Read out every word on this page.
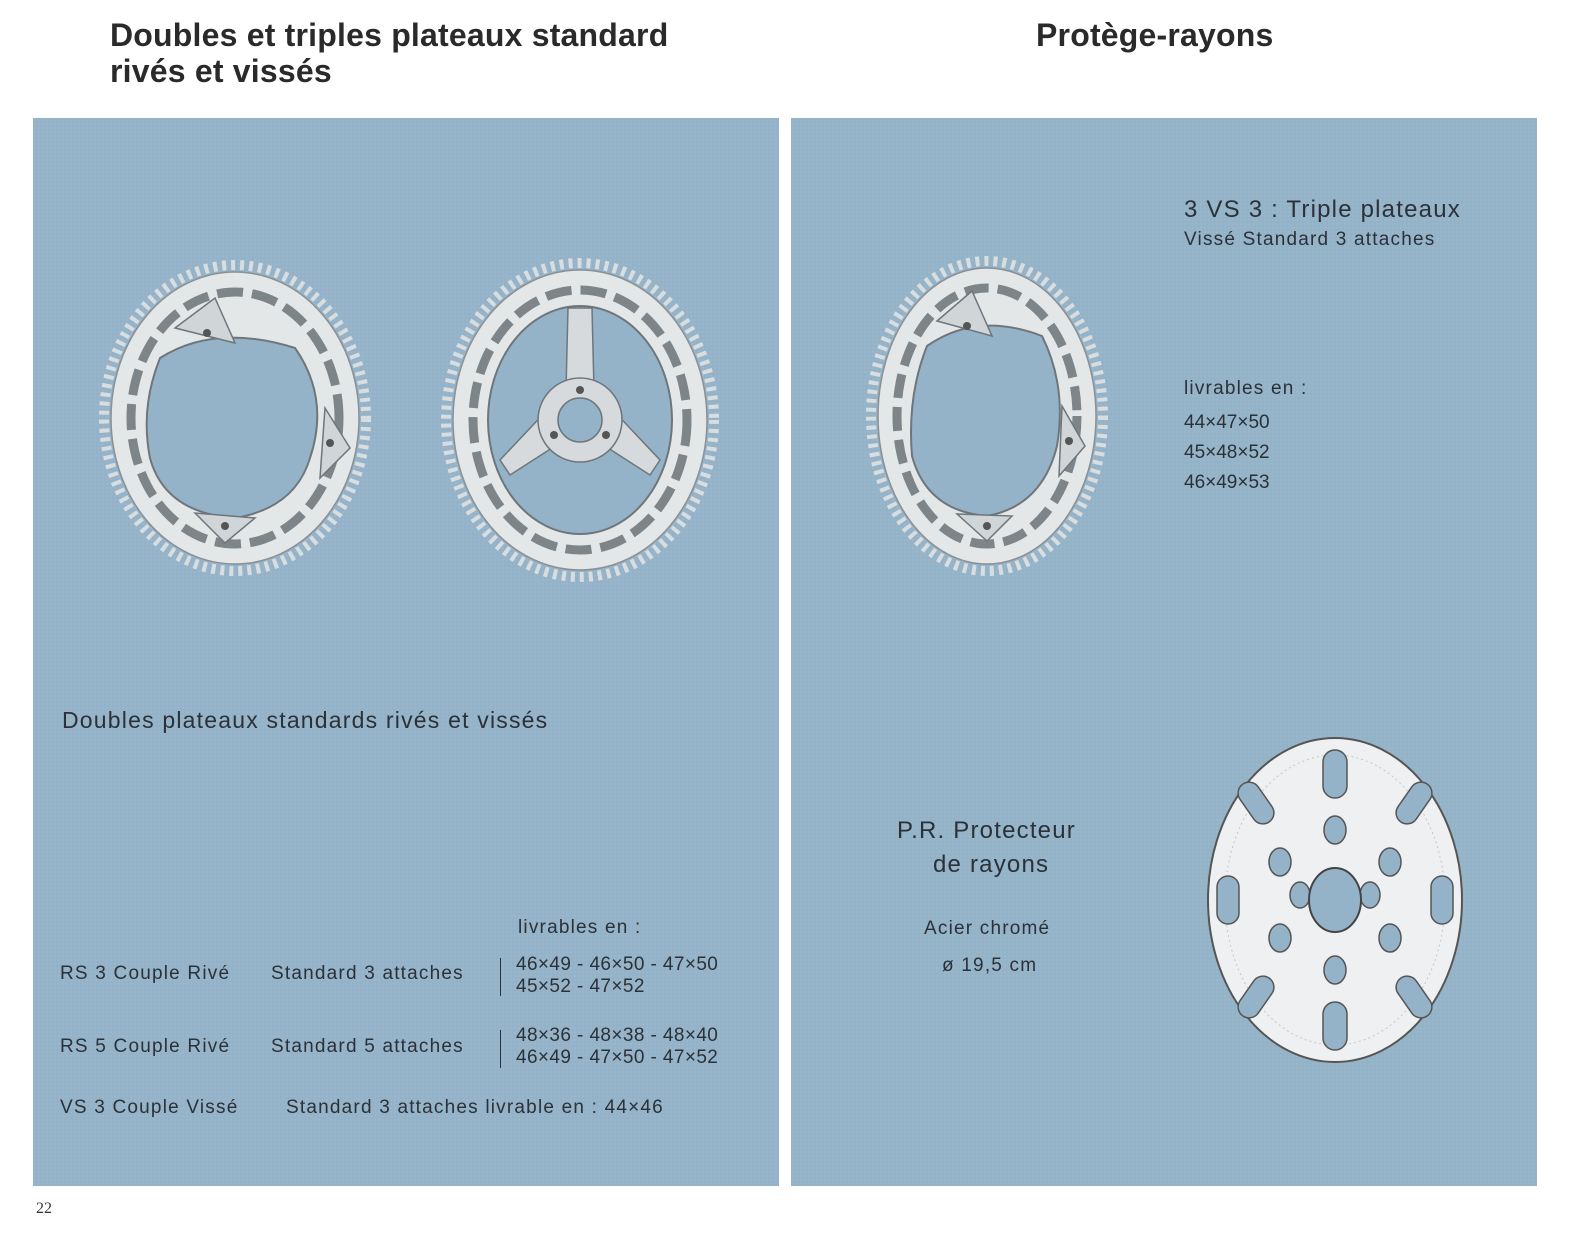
Doubles et triples plateaux standard
rivés et vissés
Protège-rayons
Doubles plateaux standards rivés et vissés
livrables en :
RS 3 Couple Rivé Standard 3 attaches	46×49 - 46×50 - 47×50
45×52 - 47×52
RS 5 Couple Rivé Standard 5 attaches
48×36 - 48×38 - 48×40
46×49 - 47×50 - 47×52
VS 3 Couple Vissé	Standard 3 attaches livrable en : 44×46
3 VS 3 : Triple plateaux
Vissé Standard 3 attaches
livrables en :
44×47×50
45×48×52
46×49×53
P.R. Protecteur
de rayons
Acier chromé
ø 19,5 cm
22
